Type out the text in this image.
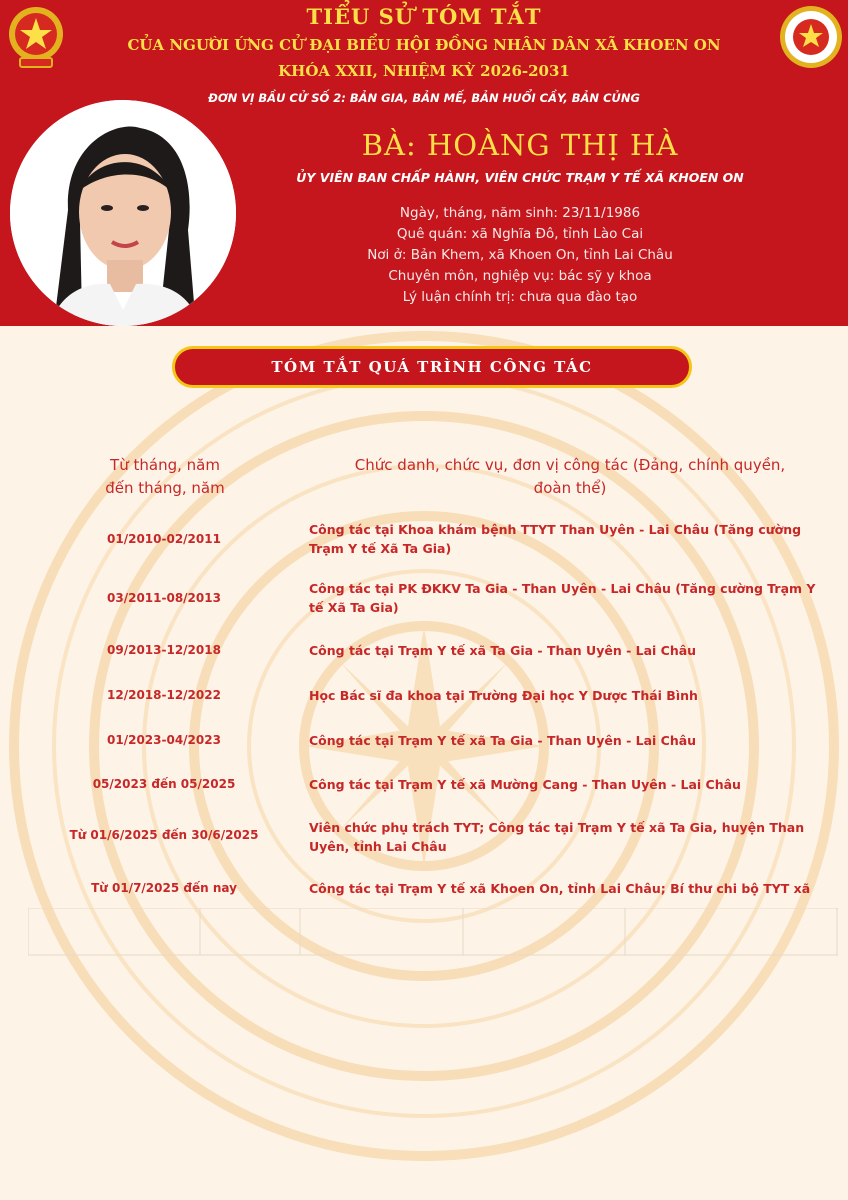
TIỂU SỬ TÓM TẮT
CỦA NGƯỜI ỨNG CỬ ĐẠI BIỂU HỘI ĐỒNG NHÂN DÂN XÃ KHOEN ON
KHÓA XXII, NHIỆM KỲ 2026-2031
ĐƠN VỊ BẦU CỬ SỐ 2: BẢN GIA, BẢN MẾ, BẢN HUỔI CẦY, BẢN CỦNG
BÀ: HOÀNG THỊ HÀ
ỦY VIÊN BAN CHẤP HÀNH, VIÊN CHỨC TRẠM Y TẾ XÃ KHOEN ON
Ngày, tháng, năm sinh: 23/11/1986
Quê quán: xã Nghĩa Đô, tỉnh Lào Cai
Nơi ở: Bản Khem, xã Khoen On, tỉnh Lai Châu
Chuyên môn, nghiệp vụ: bác sỹ y khoa
Lý luận chính trị: chưa qua đào tạo
TÓM TẮT QUÁ TRÌNH CÔNG TÁC
Từ tháng, năm
đến tháng, năm
Chức danh, chức vụ, đơn vị công tác (Đảng, chính quyền,
đoàn thể)
01/2010-02/2011
Công tác tại Khoa khám bệnh TTYT Than Uyên - Lai Châu (Tăng cường Trạm Y tế Xã Ta Gia)
03/2011-08/2013
Công tác tại PK ĐKKV Ta Gia - Than Uyên - Lai Châu (Tăng cường Trạm Y tế Xã Ta Gia)
09/2013-12/2018	Công tác tại Trạm Y tế xã Ta Gia - Than Uyên - Lai Châu
12/2018-12/2022	Học Bác sĩ đa khoa tại Trường Đại học Y Dược Thái Bình
01/2023-04/2023	Công tác tại Trạm Y tế xã Ta Gia - Than Uyên - Lai Châu
05/2023 đến 05/2025	Công tác tại Trạm Y tế xã Mường Cang - Than Uyên - Lai Châu
Từ 01/6/2025 đến 30/6/2025	Viên chức phụ trách TYT; Công tác tại Trạm Y tế xã Ta Gia, huyện Than Uyên, tỉnh Lai Châu
Từ 01/7/2025 đến nay	Công tác tại Trạm Y tế xã Khoen On, tỉnh Lai Châu; Bí thư chi bộ TYT xã
